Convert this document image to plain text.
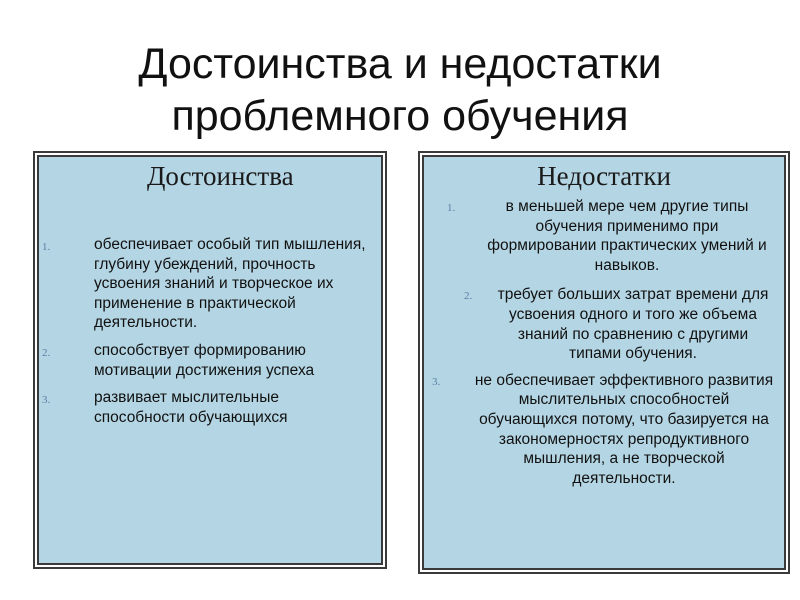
Достоинства и недостатки
проблемного обучения
Достоинства
1.	обеспечивает особый тип мышления, глубину убеждений, прочность усвоения знаний и творческое их применение в практической деятельности.
2.	способствует формированию мотивации достижения успеха
3.	развивает мыслительные способности обучающихся
Недостатки
1.	в меньшей мере чем другие типы обучения применимо при формировании практических умений и навыков.
2. требует больших затрат времени для усвоения одного и того же объема знаний по сравнению с другими типами обучения.
3. не обеспечивает эффективного развития мыслительных способностей обучающихся потому, что базируется на закономерностях репродуктивного мышления, а не творческой деятельности.
